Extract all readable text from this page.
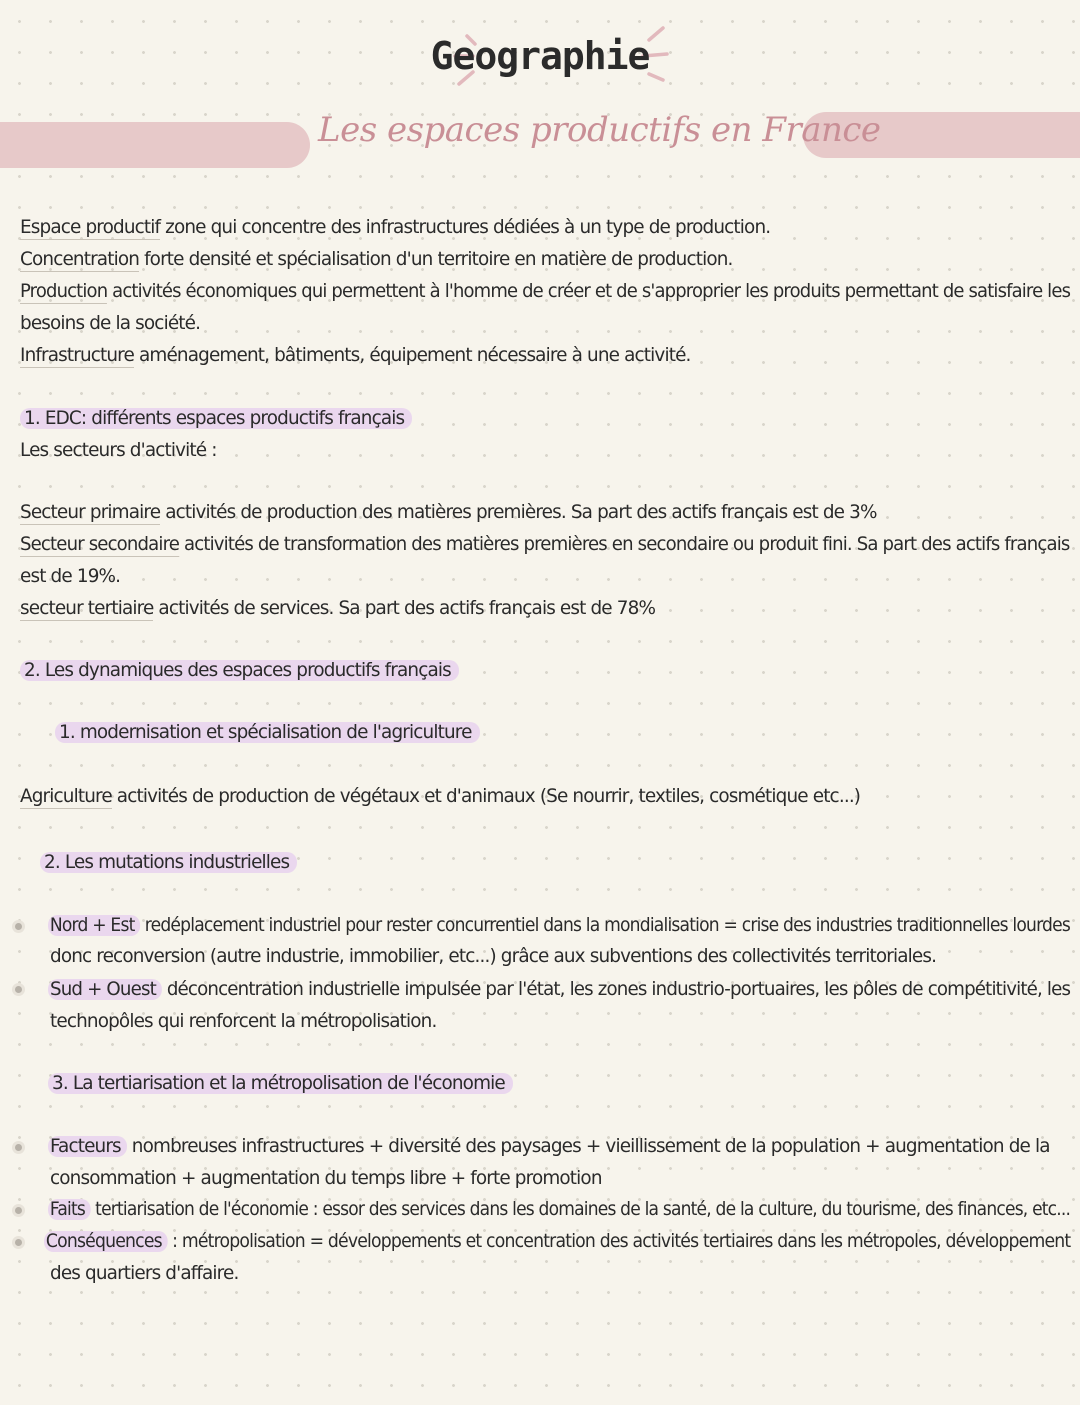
Geographie
Les espaces productifs en France
Espace productif zone qui concentre des infrastructures dédiées à un type de production.
Concentration forte densité et spécialisation d'un territoire en matière de production.
Production activités économiques qui permettent à l'homme de créer et de s'approprier les produits permettant de satisfaire les
besoins de la société.
Infrastructure aménagement, bâtiments, équipement nécessaire à une activité.
1. EDC: différents espaces productifs français
Les secteurs d'activité :
Secteur primaire activités de production des matières premières. Sa part des actifs français est de 3%
Secteur secondaire activités de transformation des matières premières en secondaire ou produit fini. Sa part des actifs français
est de 19%.
secteur tertiaire activités de services. Sa part des actifs français est de 78%
2. Les dynamiques des espaces productifs français
1. modernisation et spécialisation de l'agriculture
Agriculture activités de production de végétaux et d'animaux (Se nourrir, textiles, cosmétique etc...)
2. Les mutations industrielles
Nord + Est redéplacement industriel pour rester concurrentiel dans la mondialisation = crise des industries traditionnelles lourdes
donc reconversion (autre industrie, immobilier, etc...) grâce aux subventions des collectivités territoriales.
Sud + Ouest déconcentration industrielle impulsée par l'état, les zones industrio-portuaires, les pôles de compétitivité, les
technopôles qui renforcent la métropolisation.
3. La tertiarisation et la métropolisation de l'économie
Facteurs nombreuses infrastructures + diversité des paysages + vieillissement de la population + augmentation de la
consommation + augmentation du temps libre + forte promotion
Faits tertiarisation de l'économie : essor des services dans les domaines de la santé, de la culture, du tourisme, des finances, etc...
Conséquences : métropolisation = développements et concentration des activités tertiaires dans les métropoles, développement
des quartiers d'affaire.
